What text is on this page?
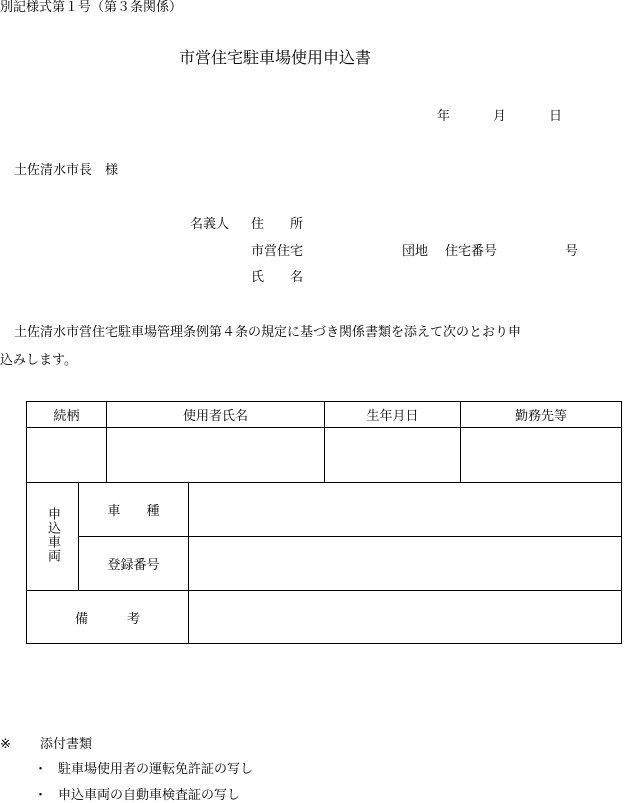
別記様式第１号（第３条関係）
市営住宅駐車場使用申込書
年	月	日
土佐清水市長　様
名義人 住　　所
市営住宅	団地 住宅番号	号
氏　　名
土佐清水市営住宅駐車場管理条例第４条の規定に基づき関係書類を添えて次のとおり申
込みします。
続柄		使用者氏名		生年月日	勤務先等

申込車両	車　　種				
	登録番号				
備　　　考					
※ 添付書類
・ 駐車場使用者の運転免許証の写し
・ 申込車両の自動車検査証の写し
